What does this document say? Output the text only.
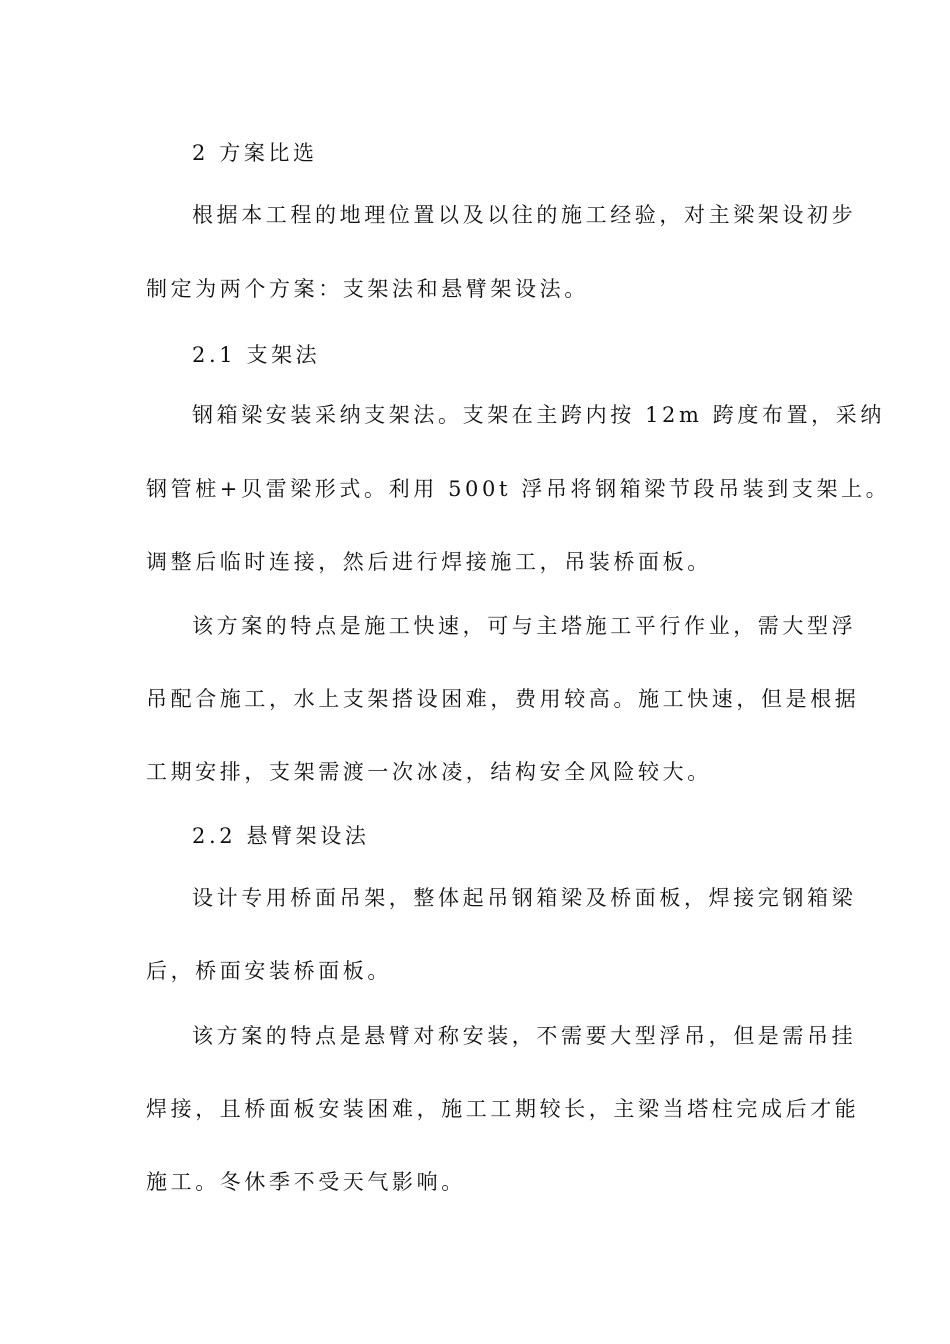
2 方案比选
根据本工程的地理位置以及以往的施工经验，对主梁架设初步
制定为两个方案：支架法和悬臂架设法。
2.1 支架法
钢箱梁安装采纳支架法。支架在主跨内按 12m 跨度布置，采纳
钢管桩+贝雷梁形式。利用 500t 浮吊将钢箱梁节段吊装到支架上。
调整后临时连接，然后进行焊接施工，吊装桥面板。
该方案的特点是施工快速，可与主塔施工平行作业，需大型浮
吊配合施工，水上支架搭设困难，费用较高。施工快速，但是根据
工期安排，支架需渡一次冰凌，结构安全风险较大。
2.2 悬臂架设法
设计专用桥面吊架，整体起吊钢箱梁及桥面板，焊接完钢箱梁
后，桥面安装桥面板。
该方案的特点是悬臂对称安装，不需要大型浮吊，但是需吊挂
焊接，且桥面板安装困难，施工工期较长，主梁当塔柱完成后才能
施工。冬休季不受天气影响。
